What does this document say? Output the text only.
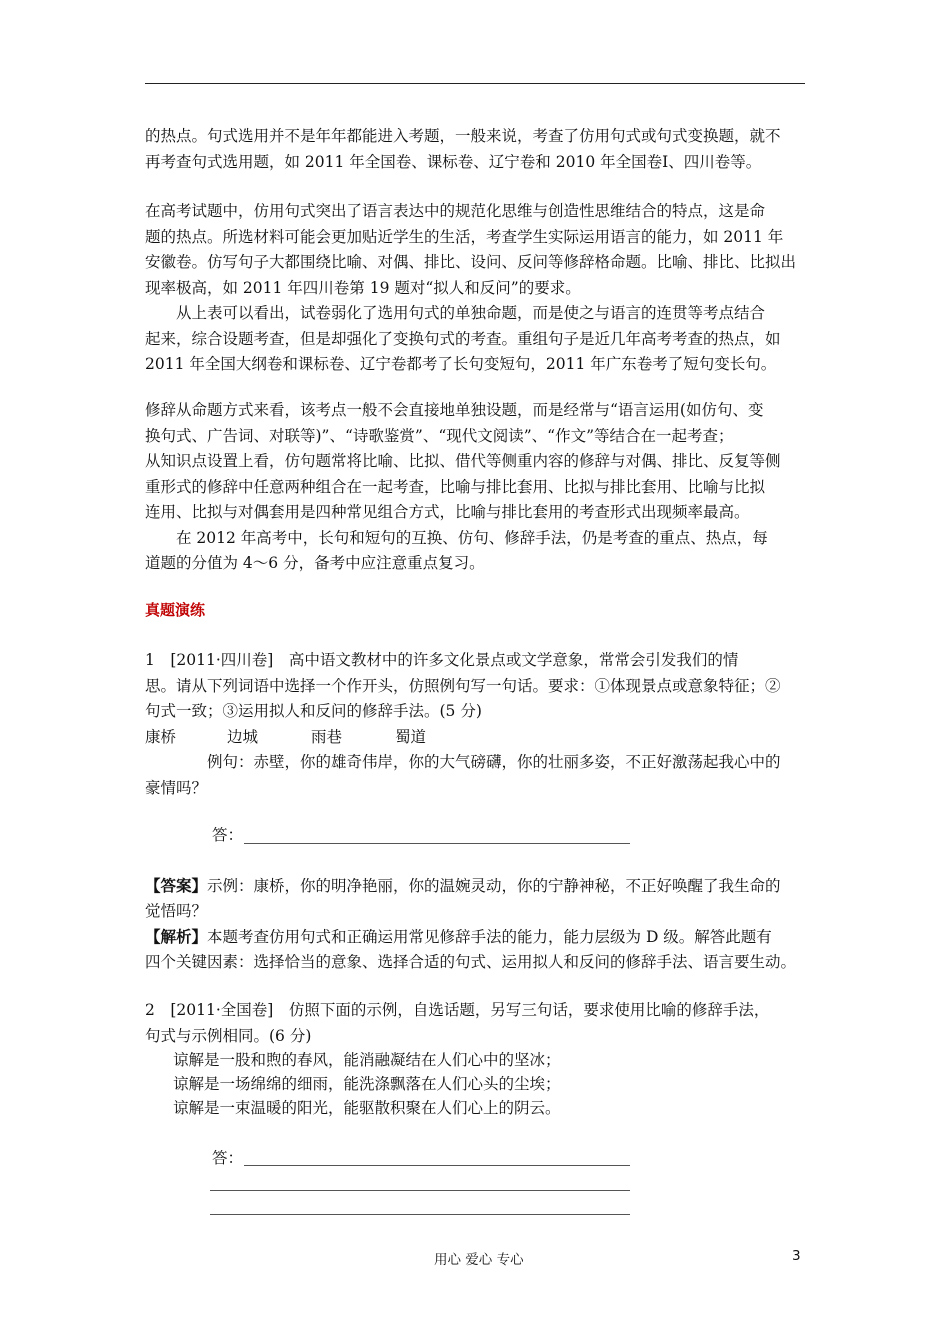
的热点。句式选用并不是年年都能进入考题，一般来说，考查了仿用句式或句式变换题，就不
再考查句式选用题，如 2011 年全国卷、课标卷、辽宁卷和 2010 年全国卷Ⅰ、四川卷等。
在高考试题中，仿用句式突出了语言表达中的规范化思维与创造性思维结合的特点，这是命
题的热点。所选材料可能会更加贴近学生的生活，考查学生实际运用语言的能力，如 2011 年
安徽卷。仿写句子大都围绕比喻、对偶、排比、设问、反问等修辞格命题。比喻、排比、比拟出
现率极高，如 2011 年四川卷第 19 题对“拟人和反问”的要求。
从上表可以看出，试卷弱化了选用句式的单独命题，而是使之与语言的连贯等考点结合
起来，综合设题考查，但是却强化了变换句式的考查。重组句子是近几年高考考查的热点，如
2011 年全国大纲卷和课标卷、辽宁卷都考了长句变短句，2011 年广东卷考了短句变长句。
修辞从命题方式来看，该考点一般不会直接地单独设题，而是经常与“语言运用(如仿句、变
换句式、广告词、对联等)”、“诗歌鉴赏”、“现代文阅读”、“作文”等结合在一起考查；
从知识点设置上看，仿句题常将比喻、比拟、借代等侧重内容的修辞与对偶、排比、反复等侧
重形式的修辞中任意两种组合在一起考查，比喻与排比套用、比拟与排比套用、比喻与比拟
连用、比拟与对偶套用是四种常见组合方式，比喻与排比套用的考查形式出现频率最高。
在 2012 年高考中，长句和短句的互换、仿句、修辞手法，仍是考查的重点、热点，每
道题的分值为 4～6 分，备考中应注意重点复习。
真题演练
1　[2011·四川卷]　高中语文教材中的许多文化景点或文学意象，常常会引发我们的情
思。请从下列词语中选择一个作开头，仿照例句写一句话。要求：①体现景点或意象特征；②
句式一致；③运用拟人和反问的修辞手法。(5 分)
康桥	边城	雨巷	蜀道
例句：赤壁，你的雄奇伟岸，你的大气磅礴，你的壮丽多姿，不正好激荡起我心中的
豪情吗？
答：
【答案】示例：康桥，你的明净艳丽，你的温婉灵动，你的宁静神秘，不正好唤醒了我生命的
觉悟吗？
【解析】本题考查仿用句式和正确运用常见修辞手法的能力，能力层级为 D 级。解答此题有
四个关键因素：选择恰当的意象、选择合适的句式、运用拟人和反问的修辞手法、语言要生动。
2　[2011·全国卷]　仿照下面的示例，自选话题，另写三句话，要求使用比喻的修辞手法，
句式与示例相同。(6 分)
谅解是一股和煦的春风，能消融凝结在人们心中的坚冰；
谅解是一场绵绵的细雨，能洗涤飘落在人们心头的尘埃；
谅解是一束温暖的阳光，能驱散积聚在人们心上的阴云。
答：
用心 爱心 专心	3
